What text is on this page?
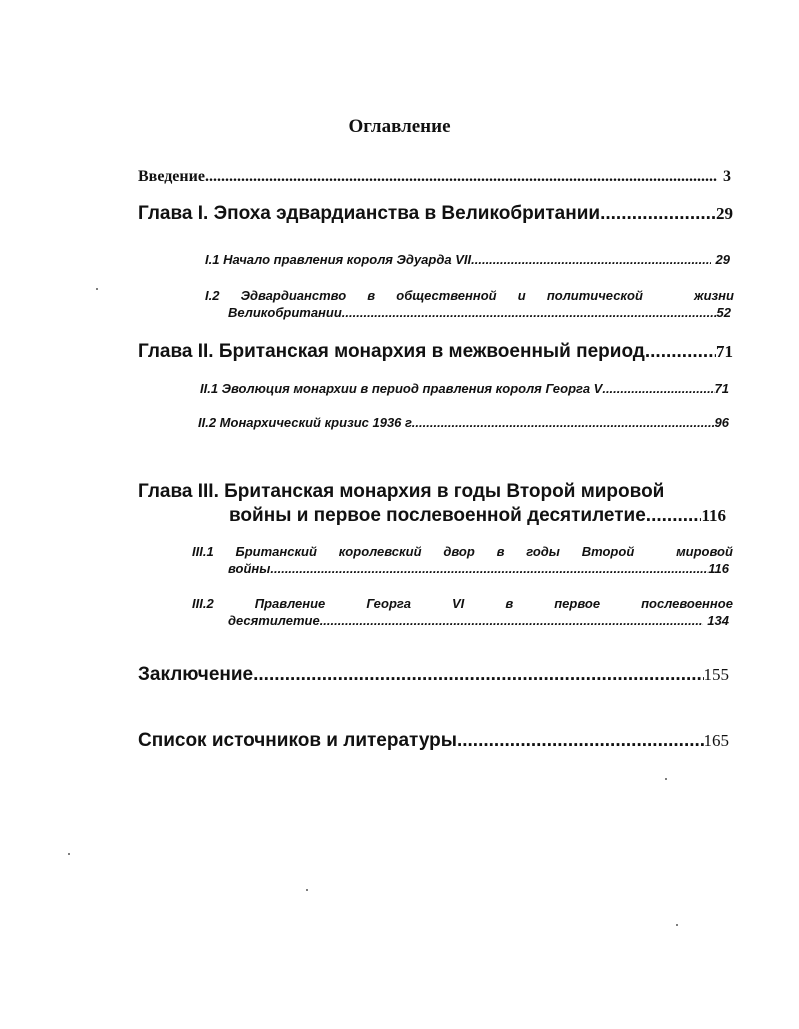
Оглавление
Введение .....	3
Глава I. Эпоха эдвардианства в Великобритании .....	29
I.1 Начало правления короля Эдуарда VII .....	29
I.2 Эдвардианство в общественной и политической	жизни
Великобритании .....	52
Глава II. Британская монархия в межвоенный период .....	71
II.1 Эволюция монархии в период правления короля Георга V .....	71
II.2 Монархический кризис 1936 г. .....	96
Глава III. Британская монархия в годы Второй мировой
войны и первое послевоенной десятилетие .....	116
III.1 Британский королевский двор в годы Второй	мировой
войны .....	116
III.2	Правление	Георга	VI	в	первое	послевоенное
десятилетие .....	134
Заключение .....	155
Список источников и литературы .....	165
